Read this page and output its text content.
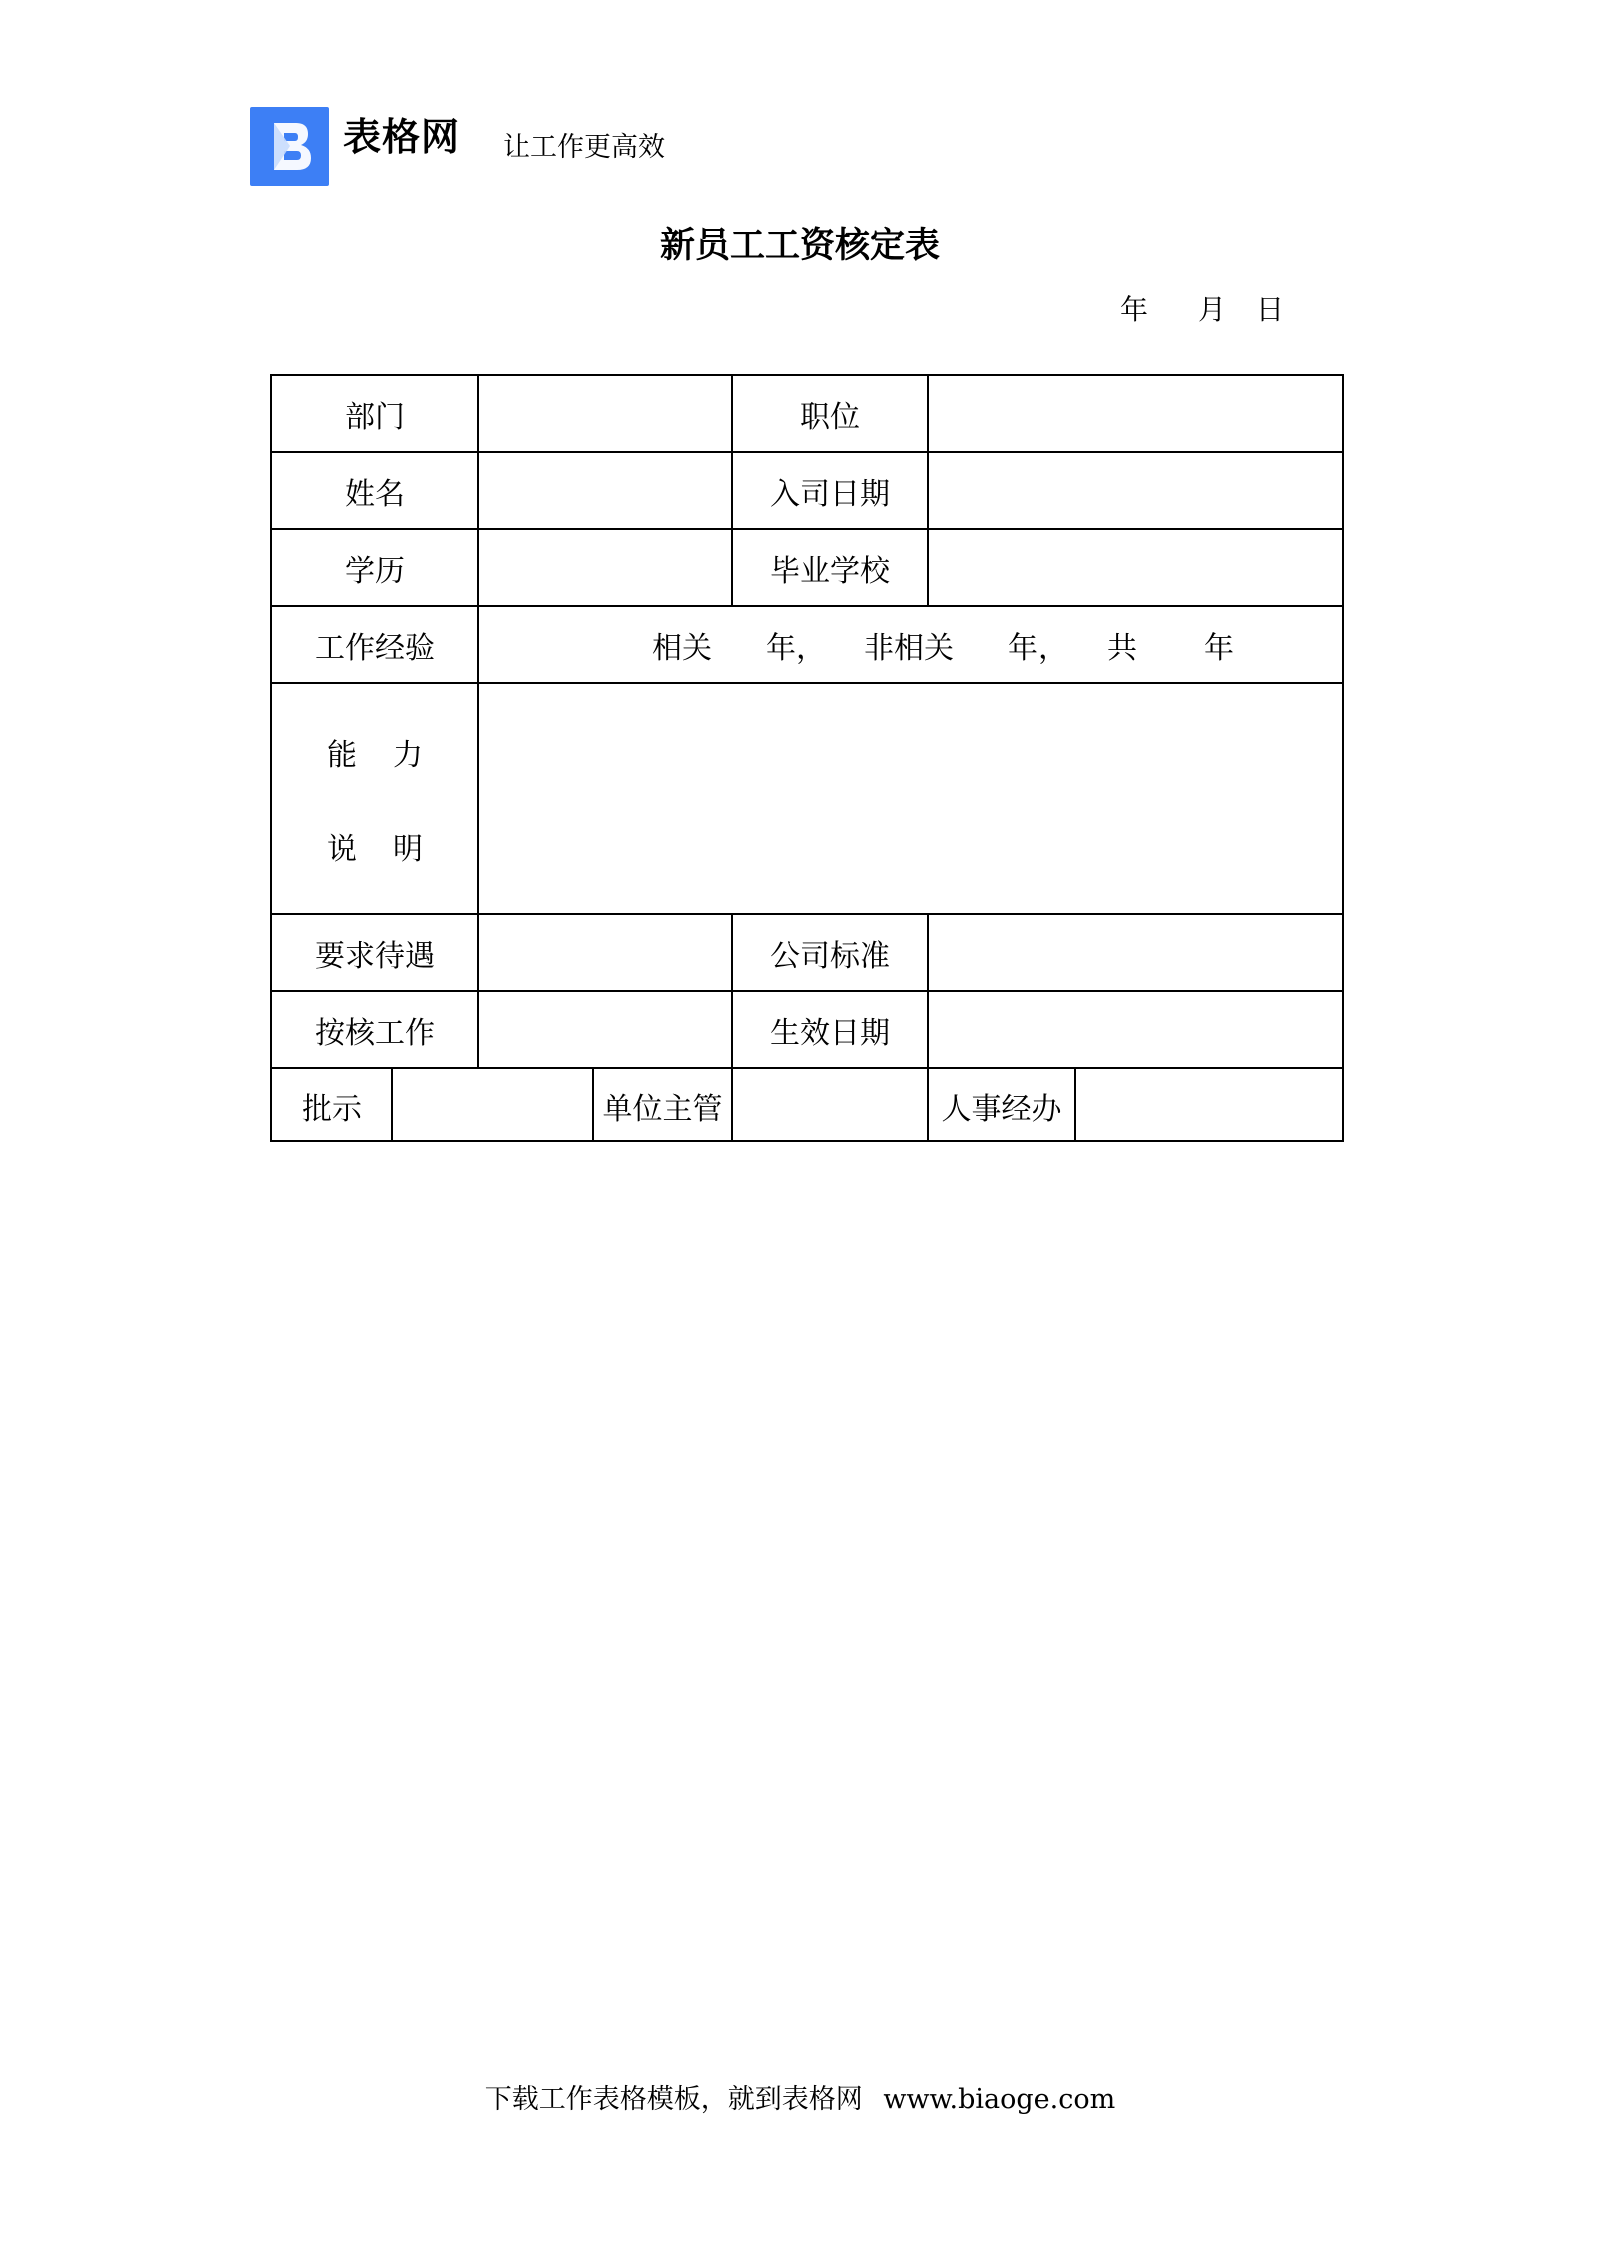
表格网 让工作更高效
新员工工资核定表
年 月 日
部门	职位
姓名	入司日期
学历	毕业学校
工作经验	相关 年， 非相关 年， 共 年
能力
说明
要求待遇	公司标准
按核工作	生效日期
批示	单位主管	人事经办
下载工作表格模板，就到表格网 www.biaoge.com
